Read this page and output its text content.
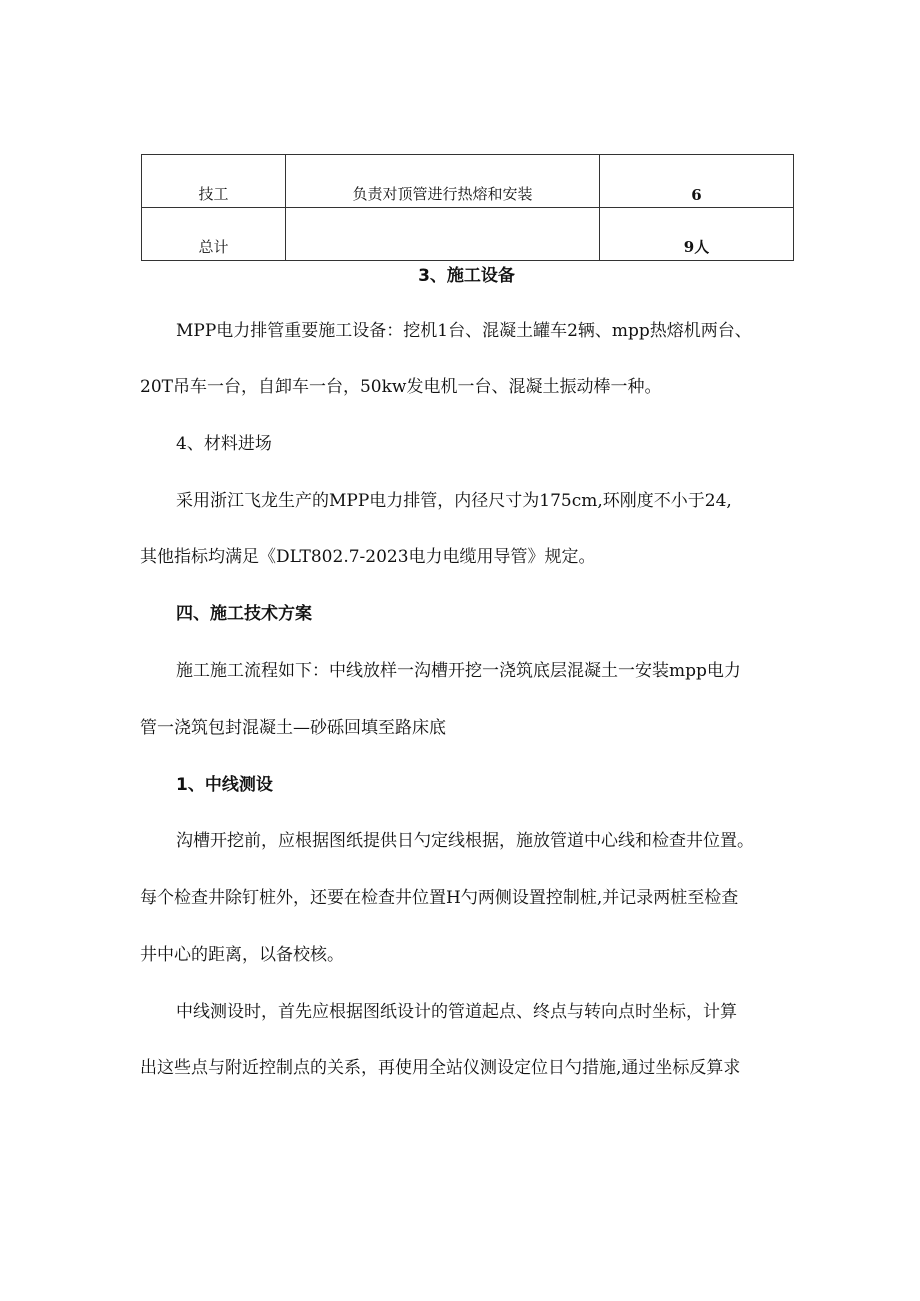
技工	负责对顶管进行热熔和安装	6
总计		9人
3、施工设备
MPP电力排管重要施工设备：挖机1台、混凝土罐车2辆、mpp热熔机两台、
20T吊车一台，自卸车一台，50kw发电机一台、混凝土振动棒一种。
4、材料进场
采用浙江飞龙生产的MPP电力排管，内径尺寸为175cm,环刚度不小于24,
其他指标均满足《DLT802.7-2023电力电缆用导管》规定。
四、施工技术方案
施工施工流程如下：中线放样一沟槽开挖一浇筑底层混凝土一安装mpp电力
管一浇筑包封混凝土—砂砾回填至路床底
1、中线测设
沟槽开挖前，应根据图纸提供日勺定线根据，施放管道中心线和检查井位置。
每个检查井除钉桩外，还要在检查井位置H勺两侧设置控制桩,并记录两桩至检查
井中心的距离，以备校核。
中线测设时，首先应根据图纸设计的管道起点、终点与转向点时坐标，计算
出这些点与附近控制点的关系，再使用全站仪测设定位日勺措施,通过坐标反算求
